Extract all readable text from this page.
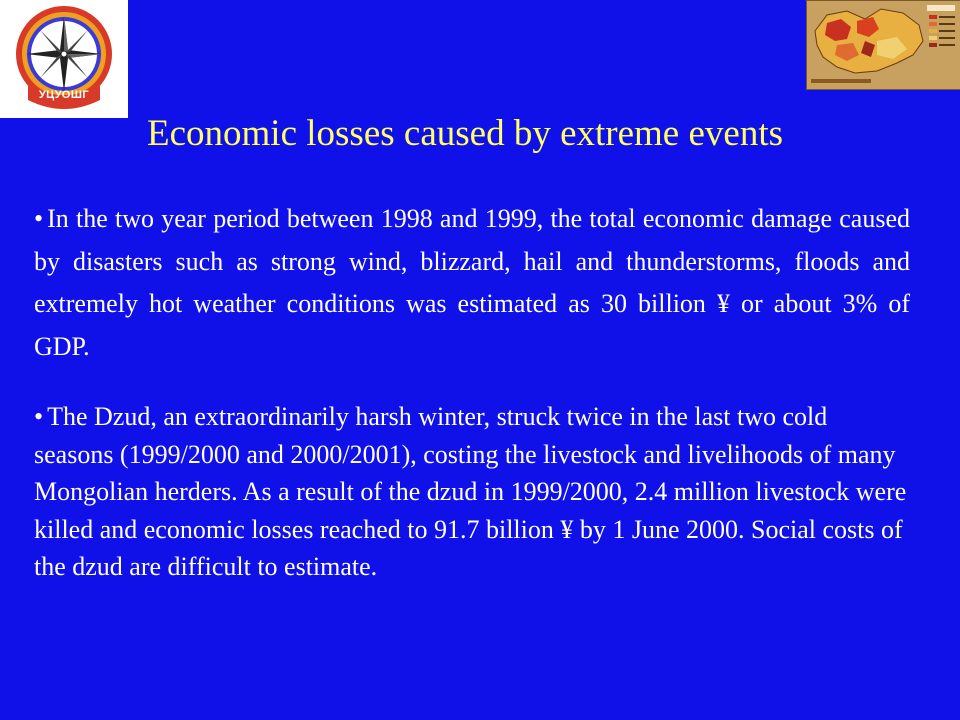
УЦУОШГ
Economic losses caused by extreme events

• In the two year period between 1998 and 1999, the total economic damage caused by disasters such as strong wind, blizzard, hail and thunderstorms, floods and extremely hot weather conditions was estimated as 30 billion ¥ or about 3% of GDP.

• The Dzud, an extraordinarily harsh winter, struck twice in the last two cold seasons (1999/2000 and 2000/2001), costing the livestock and livelihoods of many Mongolian herders. As a result of the dzud in 1999/2000, 2.4 million livestock were killed and economic losses reached to 91.7 billion ¥ by 1 June 2000. Social costs of the dzud are difficult to estimate.
